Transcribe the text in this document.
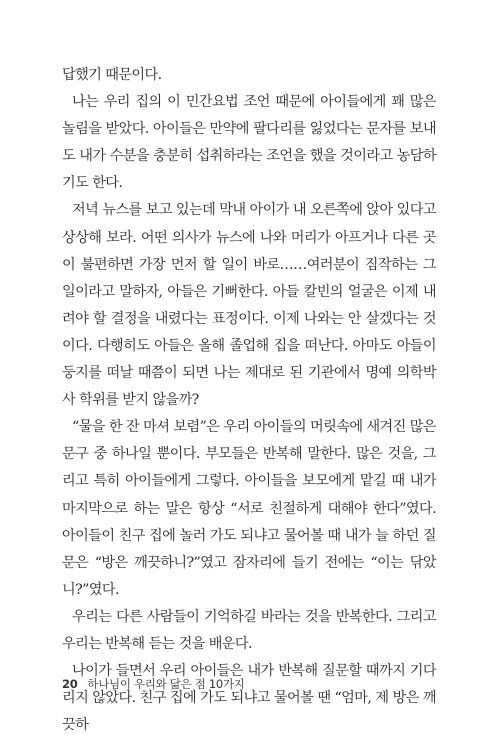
답했기 때문이다.

나는 우리 집의 이 민간요법 조언 때문에 아이들에게 꽤 많은 놀림을 받았다. 아이들은 만약에 팔다리를 잃었다는 문자를 보내도 내가 수분을 충분히 섭취하라는 조언을 했을 것이라고 농담하기도 한다.

저녁 뉴스를 보고 있는데 막내 아이가 내 오른쪽에 앉아 있다고 상상해 보라. 어떤 의사가 뉴스에 나와 머리가 아프거나 다른 곳이 불편하면 가장 먼저 할 일이 바로……여러분이 짐작하는 그 일이라고 말하자, 아들은 기뻐한다. 아들 칼빈의 얼굴은 이제 내려야 할 결정을 내렸다는 표정이다. 이제 나와는 안 살겠다는 것이다. 다행히도 아들은 올해 졸업해 집을 떠난다. 아마도 아들이 둥지를 떠날 때쯤이 되면 나는 제대로 된 기관에서 명예 의학박사 학위를 받지 않을까?

“물을 한 잔 마셔 보렴”은 우리 아이들의 머릿속에 새겨진 많은 문구 중 하나일 뿐이다. 부모들은 반복해 말한다. 많은 것을, 그리고 특히 아이들에게 그렇다. 아이들을 보모에게 맡길 때 내가 마지막으로 하는 말은 항상 “서로 친절하게 대해야 한다”였다. 아이들이 친구 집에 놀러 가도 되냐고 물어볼 때 내가 늘 하던 질문은 “방은 깨끗하니?”였고 잠자리에 들기 전에는 “이는 닦았니?”였다.

우리는 다른 사람들이 기억하길 바라는 것을 반복한다. 그리고 우리는 반복해 듣는 것을 배운다.

나이가 들면서 우리 아이들은 내가 반복해 질문할 때까지 기다리지 않았다. 친구 집에 가도 되냐고 물어볼 땐 “엄마, 제 방은 깨끗하

20 하나님이 우리와 닮은 점 10가지
